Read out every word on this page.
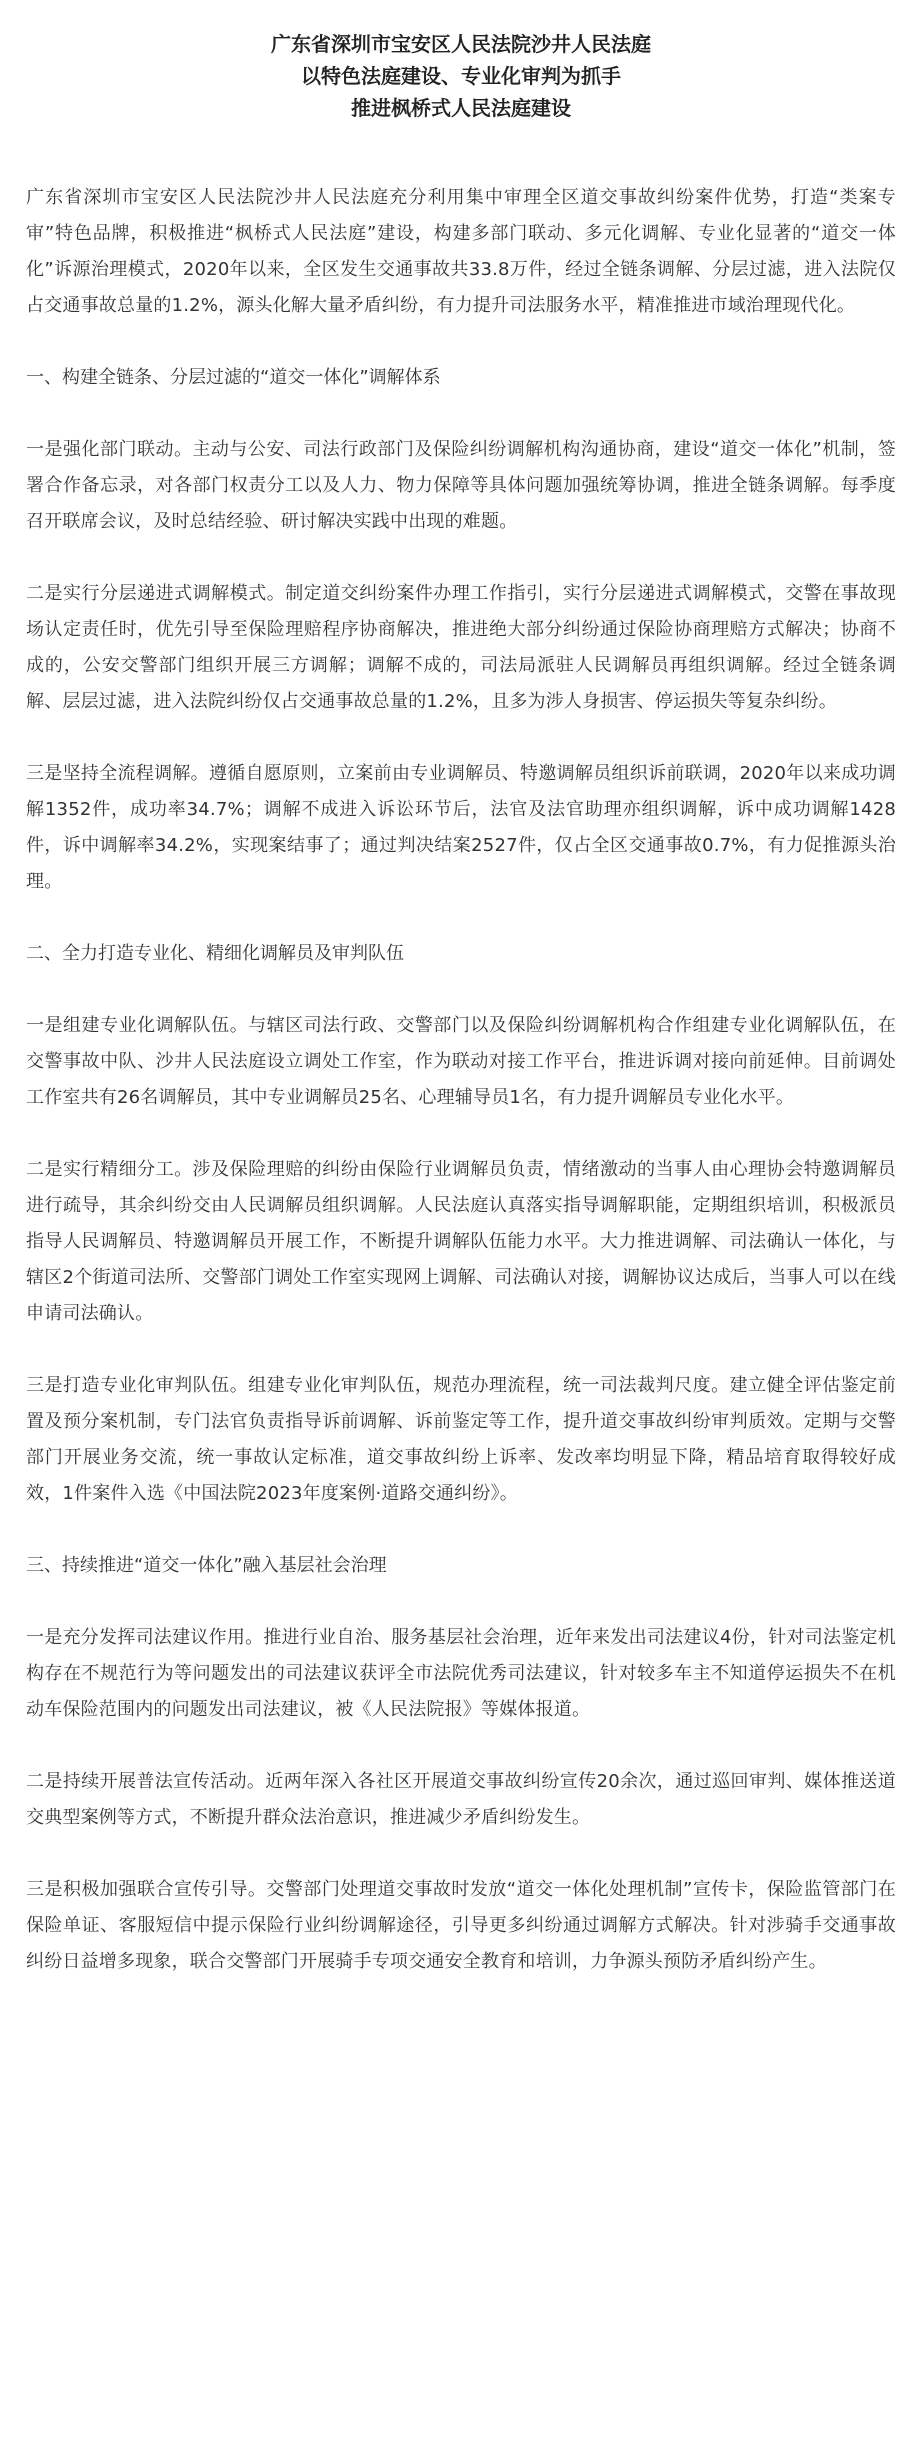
广东省深圳市宝安区人民法院沙井人民法庭

以特色法庭建设、专业化审判为抓手

推进枫桥式人民法庭建设

广东省深圳市宝安区人民法院沙井人民法庭充分利用集中审理全区道交事故纠纷案件优势，打造“类案专审”特色品牌，积极推进“枫桥式人民法庭”建设，构建多部门联动、多元化调解、专业化显著的“道交一体化”诉源治理模式，2020年以来，全区发生交通事故共33.8万件，经过全链条调解、分层过滤，进入法院仅占交通事故总量的1.2%，源头化解大量矛盾纠纷，有力提升司法服务水平，精准推进市域治理现代化。

一、构建全链条、分层过滤的“道交一体化”调解体系

一是强化部门联动。主动与公安、司法行政部门及保险纠纷调解机构沟通协商，建设“道交一体化”机制，签署合作备忘录，对各部门权责分工以及人力、物力保障等具体问题加强统筹协调，推进全链条调解。每季度召开联席会议，及时总结经验、研讨解决实践中出现的难题。

二是实行分层递进式调解模式。制定道交纠纷案件办理工作指引，实行分层递进式调解模式，交警在事故现场认定责任时，优先引导至保险理赔程序协商解决，推进绝大部分纠纷通过保险协商理赔方式解决；协商不成的，公安交警部门组织开展三方调解；调解不成的，司法局派驻人民调解员再组织调解。经过全链条调解、层层过滤，进入法院纠纷仅占交通事故总量的1.2%，且多为涉人身损害、停运损失等复杂纠纷。

三是坚持全流程调解。遵循自愿原则，立案前由专业调解员、特邀调解员组织诉前联调，2020年以来成功调解1352件，成功率34.7%；调解不成进入诉讼环节后，法官及法官助理亦组织调解，诉中成功调解1428件，诉中调解率34.2%，实现案结事了；通过判决结案2527件，仅占全区交通事故0.7%，有力促推源头治理。

二、全力打造专业化、精细化调解员及审判队伍

一是组建专业化调解队伍。与辖区司法行政、交警部门以及保险纠纷调解机构合作组建专业化调解队伍，在交警事故中队、沙井人民法庭设立调处工作室，作为联动对接工作平台，推进诉调对接向前延伸。目前调处工作室共有26名调解员，其中专业调解员25名、心理辅导员1名，有力提升调解员专业化水平。

二是实行精细分工。涉及保险理赔的纠纷由保险行业调解员负责，情绪激动的当事人由心理协会特邀调解员进行疏导，其余纠纷交由人民调解员组织调解。人民法庭认真落实指导调解职能，定期组织培训，积极派员指导人民调解员、特邀调解员开展工作，不断提升调解队伍能力水平。大力推进调解、司法确认一体化，与辖区2个街道司法所、交警部门调处工作室实现网上调解、司法确认对接，调解协议达成后，当事人可以在线申请司法确认。

三是打造专业化审判队伍。组建专业化审判队伍，规范办理流程，统一司法裁判尺度。建立健全评估鉴定前置及预分案机制，专门法官负责指导诉前调解、诉前鉴定等工作，提升道交事故纠纷审判质效。定期与交警部门开展业务交流，统一事故认定标准，道交事故纠纷上诉率、发改率均明显下降，精品培育取得较好成效，1件案件入选《中国法院2023年度案例·道路交通纠纷》。

三、持续推进“道交一体化”融入基层社会治理

一是充分发挥司法建议作用。推进行业自治、服务基层社会治理，近年来发出司法建议4份，针对司法鉴定机构存在不规范行为等问题发出的司法建议获评全市法院优秀司法建议，针对较多车主不知道停运损失不在机动车保险范围内的问题发出司法建议，被《人民法院报》等媒体报道。

二是持续开展普法宣传活动。近两年深入各社区开展道交事故纠纷宣传20余次，通过巡回审判、媒体推送道交典型案例等方式，不断提升群众法治意识，推进减少矛盾纠纷发生。

三是积极加强联合宣传引导。交警部门处理道交事故时发放“道交一体化处理机制”宣传卡，保险监管部门在保险单证、客服短信中提示保险行业纠纷调解途径，引导更多纠纷通过调解方式解决。针对涉骑手交通事故纠纷日益增多现象，联合交警部门开展骑手专项交通安全教育和培训，力争源头预防矛盾纠纷产生。
